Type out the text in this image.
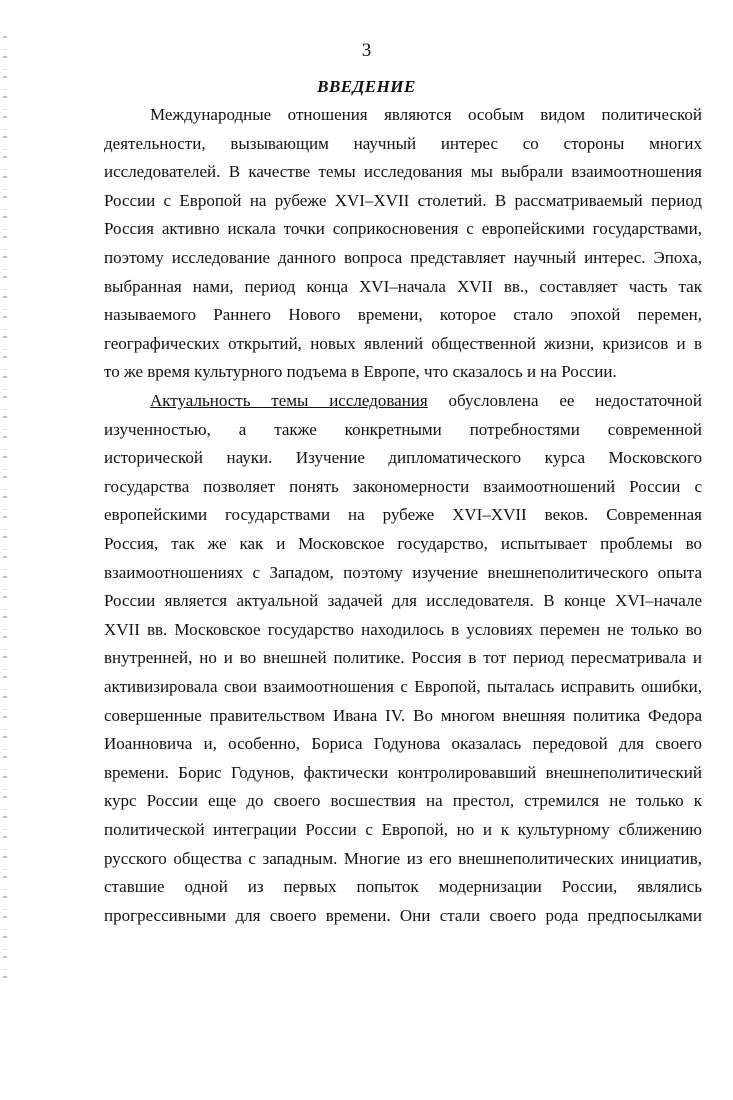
3
ВВЕДЕНИЕ
Международные отношения являются особым видом политической
деятельности, вызывающим научный интерес со стороны многих
исследователей. В качестве темы исследования мы выбрали взаимоотношения
России с Европой на рубеже XVI–XVII столетий. В рассматриваемый период
Россия активно искала точки соприкосновения с европейскими государствами,
поэтому исследование данного вопроса представляет научный интерес. Эпоха,
выбранная нами, период конца XVI–начала XVII вв., составляет часть так
называемого Раннего Нового времени, которое стало эпохой перемен,
географических открытий, новых явлений общественной жизни, кризисов и в
то же время культурного подъема в Европе, что сказалось и на России.
Актуальность темы исследования обусловлена ее недостаточной
изученностью, а также конкретными потребностями современной
исторической науки. Изучение дипломатического курса Московского
государства позволяет понять закономерности взаимоотношений России с
европейскими государствами на рубеже XVI–XVII веков. Современная
Россия, так же как и Московское государство, испытывает проблемы во
взаимоотношениях с Западом, поэтому изучение внешнеполитического опыта
России является актуальной задачей для исследователя. В конце XVI–начале
XVII вв. Московское государство находилось в условиях перемен не только во
внутренней, но и во внешней политике. Россия в тот период пересматривала и
активизировала свои взаимоотношения с Европой, пыталась исправить ошибки,
совершенные правительством Ивана IV. Во многом внешняя политика Федора
Иоанновича и, особенно, Бориса Годунова оказалась передовой для своего
времени. Борис Годунов, фактически контролировавший внешнеполитический
курс России еще до своего восшествия на престол, стремился не только к
политической интеграции России с Европой, но и к культурному сближению
русского общества с западным. Многие из его внешнеполитических инициатив,
ставшие одной из первых попыток модернизации России, являлись
прогрессивными для своего времени. Они стали своего рода предпосылками
